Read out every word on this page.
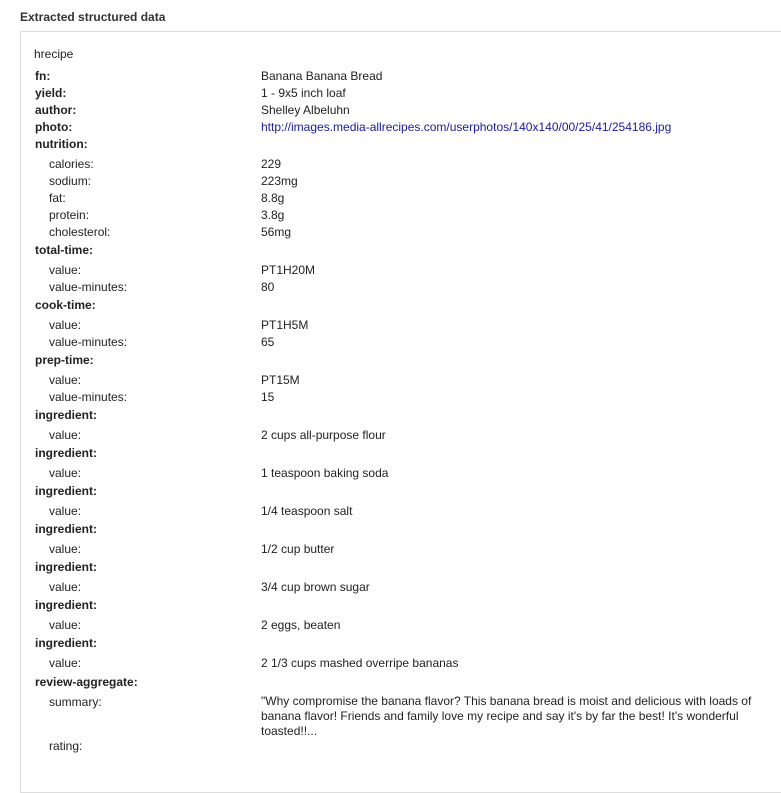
Extracted structured data
hrecipe
fn:	Banana Banana Bread
yield:	1 - 9x5 inch loaf
author:	Shelley Albeluhn
photo:	http://images.media-allrecipes.com/userphotos/140x140/00/25/41/254186.jpg
nutrition:
calories:	229
sodium:	223mg
fat:	8.8g
protein:	3.8g
cholesterol:	56mg
total-time:
value:	PT1H20M
value-minutes:	80
cook-time:
value:	PT1H5M
value-minutes:	65
prep-time:
value:	PT15M
value-minutes:	15
ingredient:
value:	2 cups all-purpose flour
ingredient:
value:	1 teaspoon baking soda
ingredient:
value:	1/4 teaspoon salt
ingredient:
value:	1/2 cup butter
ingredient:
value:	3/4 cup brown sugar
ingredient:
value:	2 eggs, beaten
ingredient:
value:	2 1/3 cups mashed overripe bananas
review-aggregate:
summary:	"Why compromise the banana flavor? This banana bread is moist and delicious with loads of banana flavor! Friends and family love my recipe and say it's by far the best! It's wonderful toasted!!...
rating:
